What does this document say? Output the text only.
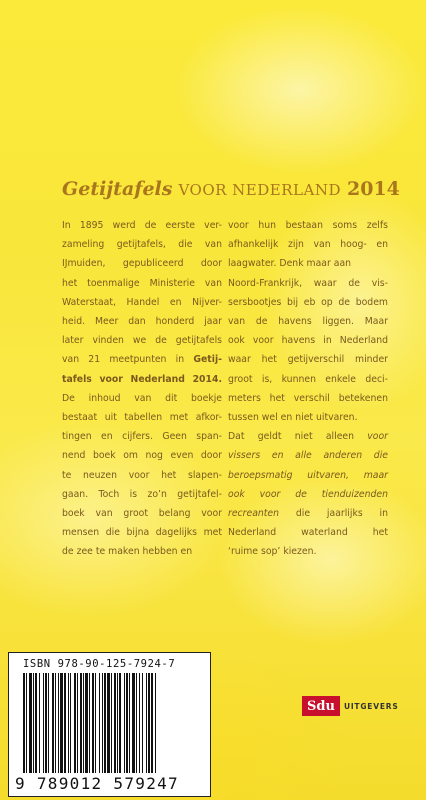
Getijtafels VOOR NEDERLAND 2014
In 1895 werd de eerste ver-
zameling getijtafels, die van
IJmuiden, gepubliceerd door
het toenmalige Ministerie van
Waterstaat, Handel en Nijver-
heid. Meer dan honderd jaar
later vinden we de getijtafels
van 21 meetpunten in Getij-
tafels voor Nederland 2014.
De inhoud van dit boekje
bestaat uit tabellen met afkor-
tingen en cijfers. Geen span-
nend boek om nog even door
te neuzen voor het slapen-
gaan. Toch is zo’n getijtafel-
boek van groot belang voor
mensen die bijna dagelijks met
de zee te maken hebben en
voor hun bestaan soms zelfs
afhankelijk zijn van hoog- en
laagwater. Denk maar aan
Noord-Frankrijk, waar de vis-
sersbootjes bij eb op de bodem
van de havens liggen. Maar
ook voor havens in Nederland
waar het getijverschil minder
groot is, kunnen enkele deci-
meters het verschil betekenen
tussen wel en niet uitvaren.
Dat geldt niet alleen voor
vissers en alle anderen die
beroepsmatig uitvaren, maar
ook voor de tienduizenden
recreanten die jaarlijks in
Nederland waterland het
‘ruime sop’ kiezen.
ISBN 978-90-125-7924-7
9 789012 579247
Sdu	UITGEVERS
